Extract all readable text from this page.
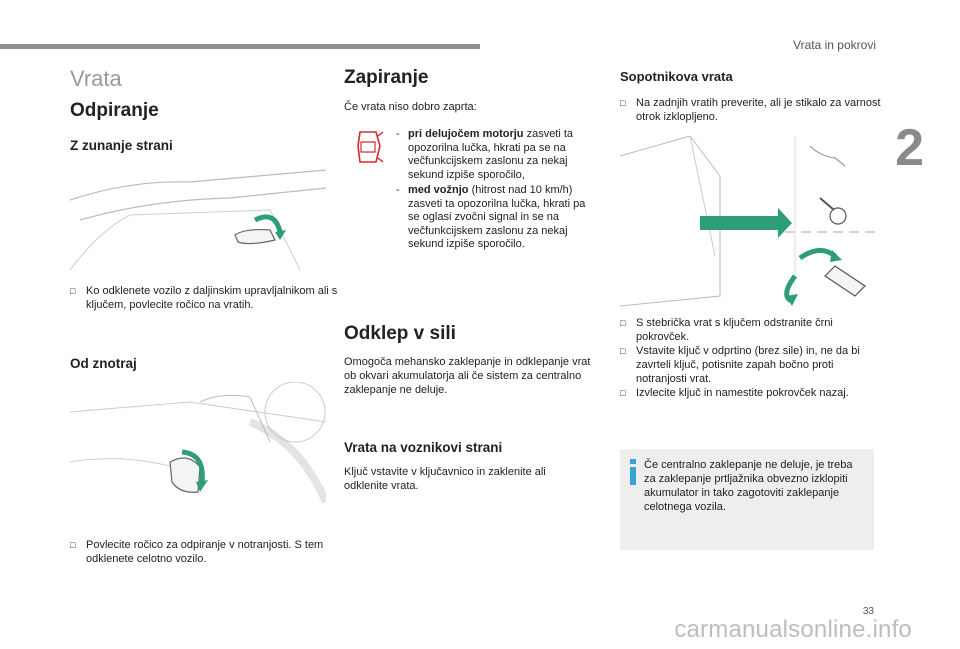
Vrata in pokrovi
2
33
carmanualsonline.info
Vrata
Odpiranje
Z zunanje strani
□ Ko odklenete vozilo z daljinskim upravljalnikom ali s ključem, povlecite ročico na vratih.
Od znotraj
□ Povlecite ročico za odpiranje v notranjosti. S tem odklenete celotno vozilo.
Zapiranje

Če vrata niso dobro zaprta:

- pri delujočem motorju zasveti ta opozorilna lučka, hkrati pa se na večfunkcijskem zaslonu za nekaj sekund izpiše sporočilo,
- med vožnjo (hitrost nad 10 km/h) zasveti ta opozorilna lučka, hkrati pa se oglasi zvočni signal in se na večfunkcijskem zaslonu za nekaj sekund izpiše sporočilo.
Odklep v sili

Omogoča mehansko zaklepanje in odklepanje vrat ob okvari akumulatorja ali če sistem za centralno zaklepanje ne deluje.

Vrata na voznikovi strani

Ključ vstavite v ključavnico in zaklenite ali odklenite vrata.

Sopotnikova vrata
□ Na zadnjih vratih preverite, ali je stikalo za varnost otrok izklopljeno.
□ S stebrička vrat s ključem odstranite črni pokrovček.
□ Vstavite ključ v odprtino (brez sile) in, ne da bi zavrteli ključ, potisnite zapah bočno proti notranjosti vrat.
□ Izvlecite ključ in namestite pokrovček nazaj.
Če centralno zaklepanje ne deluje, je treba za zaklepanje prtljažnika obvezno izklopiti akumulator in tako zagotoviti zaklepanje celotnega vozila.
